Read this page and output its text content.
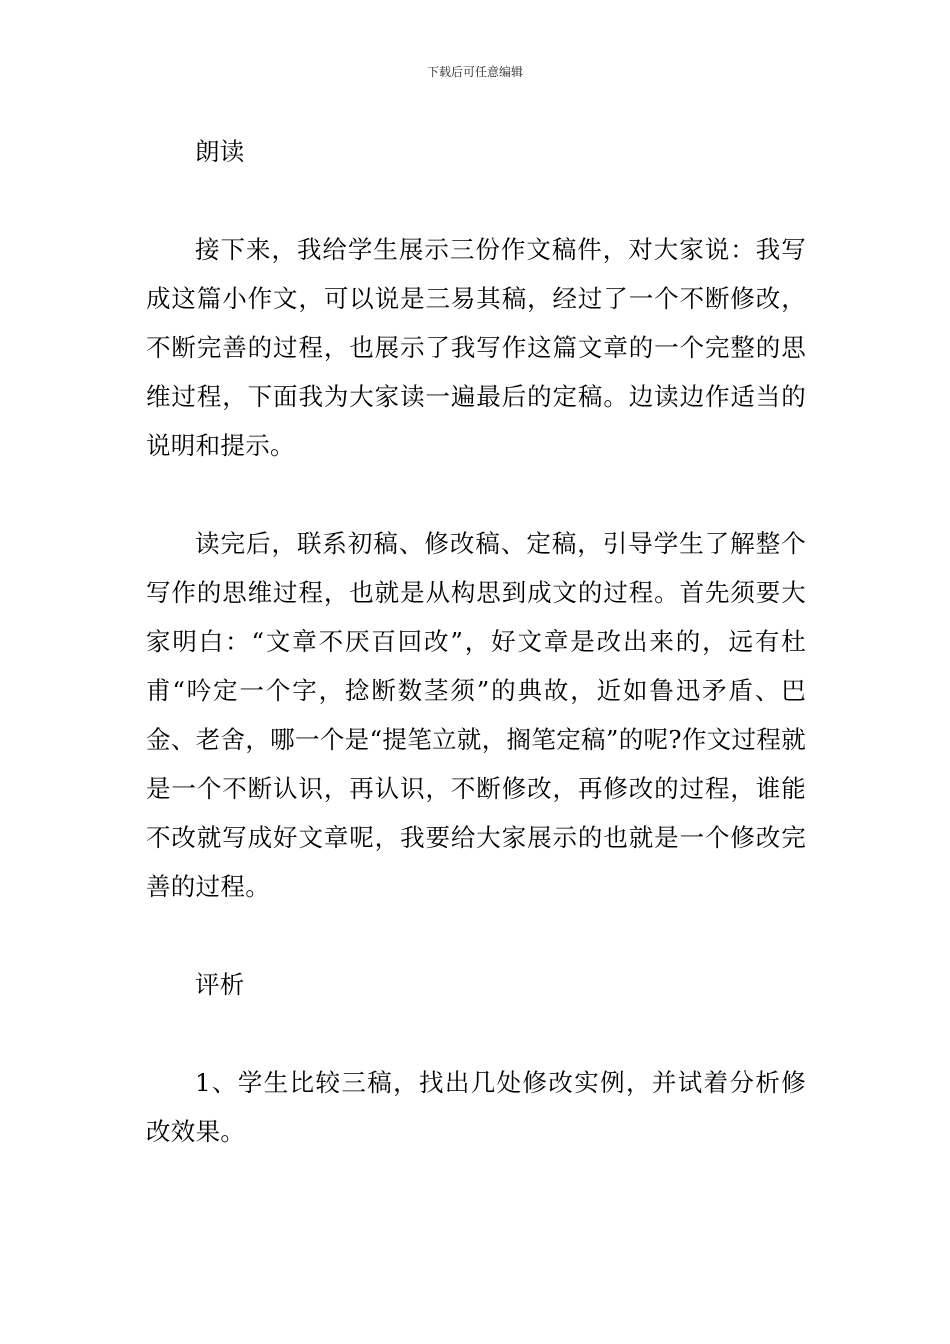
下载后可任意编辑

朗读

接下来，我给学生展示三份作文稿件，对大家说：我写成这篇小作文，可以说是三易其稿，经过了一个不断修改，不断完善的过程，也展示了我写作这篇文章的一个完整的思维过程，下面我为大家读一遍最后的定稿。边读边作适当的说明和提示。

读完后，联系初稿、修改稿、定稿，引导学生了解整个写作的思维过程，也就是从构思到成文的过程。首先须要大家明白：“文章不厌百回改”，好文章是改出来的，远有杜甫“吟定一个字，捻断数茎须”的典故，近如鲁迅矛盾、巴金、老舍，哪一个是“提笔立就，搁笔定稿”的呢?作文过程就是一个不断认识，再认识，不断修改，再修改的过程，谁能不改就写成好文章呢，我要给大家展示的也就是一个修改完善的过程。

评析

1、学生比较三稿，找出几处修改实例，并试着分析修改效果。
